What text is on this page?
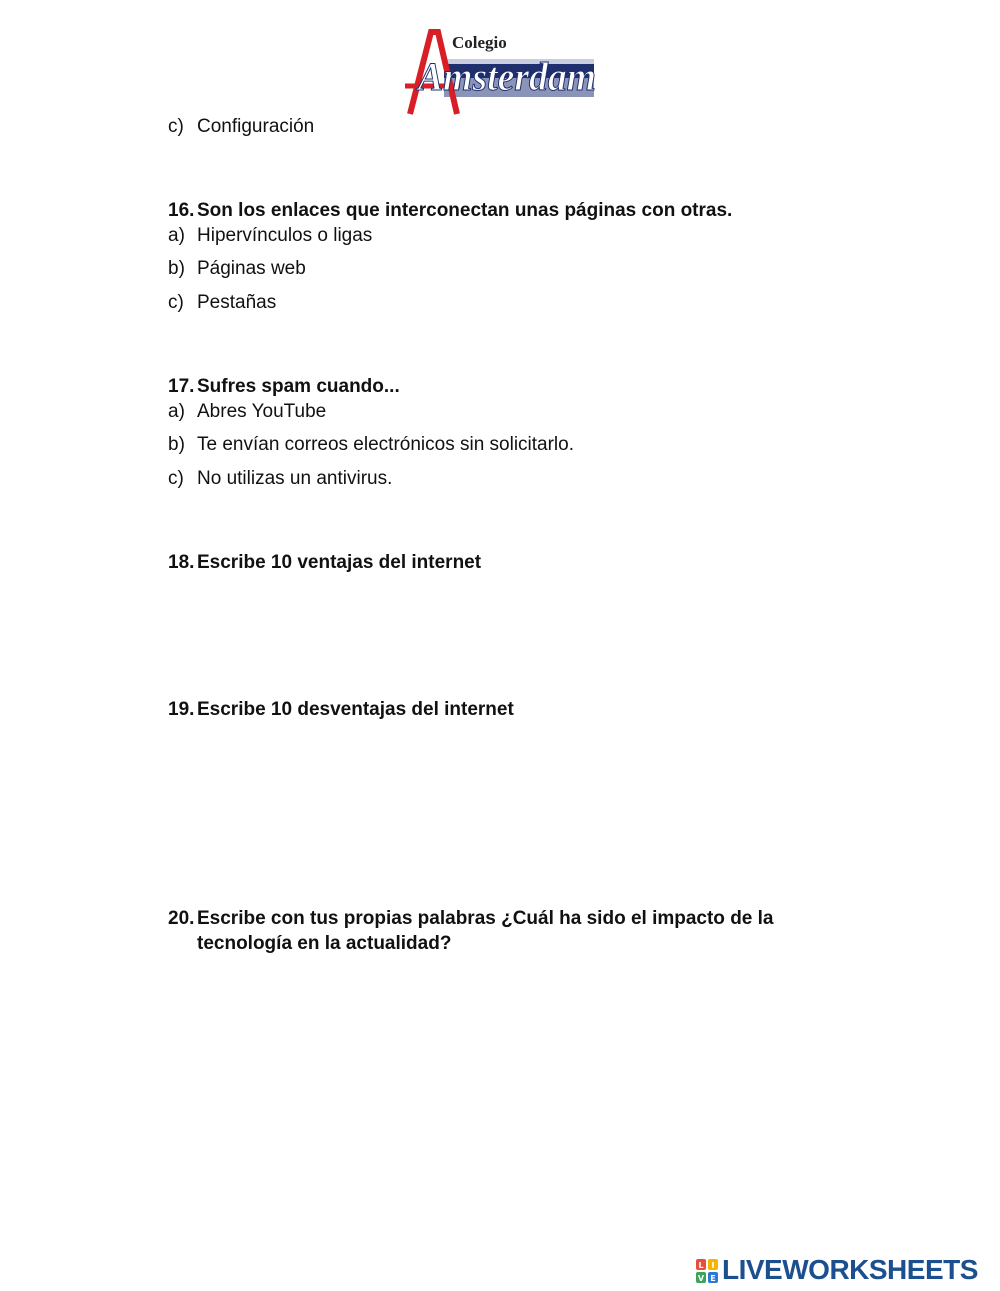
Colegio
Amsterdam
c) Configuración
16. Son los enlaces que interconectan unas páginas con otras.
a) Hipervínculos o ligas
b) Páginas web
c) Pestañas
17. Sufres spam cuando...
a) Abres YouTube
b) Te envían correos electrónicos sin solicitarlo.
c) No utilizas un antivirus.
18. Escribe 10 ventajas del internet
19. Escribe 10 desventajas del internet
20. Escribe con tus propias palabras ¿Cuál ha sido el impacto de la
tecnología en la actualidad?
L I
V E LIVEWORKSHEETS
